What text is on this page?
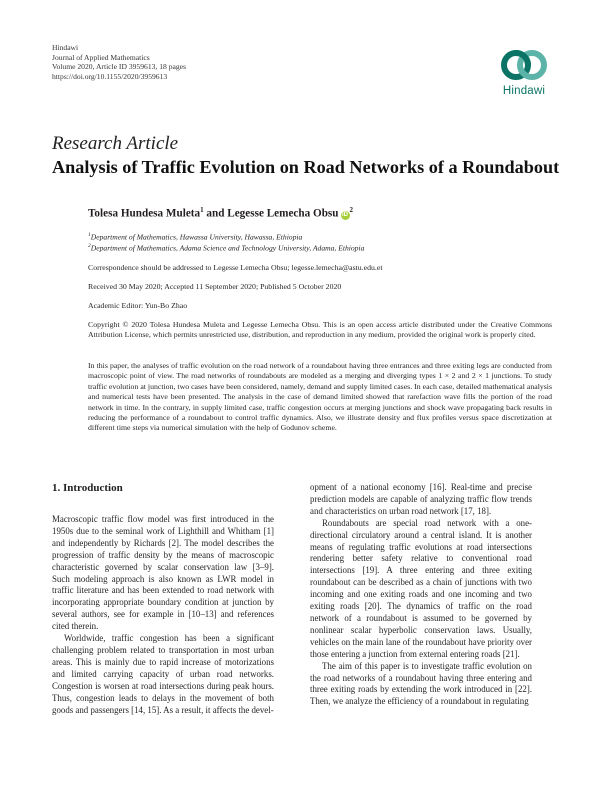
Hindawi
Journal of Applied Mathematics
Volume 2020, Article ID 3959613, 18 pages
https://doi.org/10.1155/2020/3959613
Hindawi
Research Article
Analysis of Traffic Evolution on Road Networks of a Roundabout
Tolesa Hundesa Muleta$^1$ and Legesse Lemecha Obsu $iD^2$
$^1$Department of Mathematics, Hawassa University, Hawassa, Ethiopia
$^2$Department of Mathematics, Adama Science and Technology University, Adama, Ethiopia
Correspondence should be addressed to Legesse Lemecha Obsu; legesse.lemecha@astu.edu.et
Received 30 May 2020; Accepted 11 September 2020; Published 5 October 2020
Academic Editor: Yun-Bo Zhao
Copyright © 2020 Tolesa Hundesa Muleta and Legesse Lemecha Obsu. This is an open access article distributed under the Creative Commons Attribution License, which permits unrestricted use, distribution, and reproduction in any medium, provided the original work is properly cited.
In this paper, the analyses of traffic evolution on the road network of a roundabout having three entrances and three exiting legs are conducted from macroscopic point of view. The road networks of roundabouts are modeled as a merging and diverging types 1 × 2 and 2 × 1 junctions. To study traffic evolution at junction, two cases have been considered, namely, demand and supply limited cases. In each case, detailed mathematical analysis and numerical tests have been presented. The analysis in the case of demand limited showed that rarefaction wave fills the portion of the road network in time. In the contrary, in supply limited case, traffic congestion occurs at merging junctions and shock wave propagating back results in reducing the performance of a roundabout to control traffic dynamics. Also, we illustrate density and flux profiles versus space discretization at different time steps via numerical simulation with the help of Godunov scheme.
1. Introduction

Macroscopic traffic flow model was first introduced in the 1950s due to the seminal work of Lighthill and Whitham [1] and independently by Richards [2]. The model describes the progression of traffic density by the means of macroscopic characteristic governed by scalar conservation law [3–9]. Such modeling approach is also known as LWR model in traffic literature and has been extended to road network with incorporating appropriate boundary condition at junction by several authors, see for example in [10–13] and references cited therein.

Worldwide, traffic congestion has been a significant challenging problem related to transportation in most urban areas. This is mainly due to rapid increase of motorizations and limited carrying capacity of urban road networks. Congestion is worsen at road intersections during peak hours. Thus, congestion leads to delays in the movement of both goods and passengers [14, 15]. As a result, it affects the devel-

opment of a national economy [16]. Real-time and precise prediction models are capable of analyzing traffic flow trends and characteristics on urban road network [17, 18].

Roundabouts are special road network with a one-directional circulatory around a central island. It is another means of regulating traffic evolutions at road intersections rendering better safety relative to conventional road intersections [19]. A three entering and three exiting roundabout can be described as a chain of junctions with two incoming and one exiting roads and one incoming and two exiting roads [20]. The dynamics of traffic on the road network of a roundabout is assumed to be governed by nonlinear scalar hyperbolic conservation laws. Usually, vehicles on the main lane of the roundabout have priority over those entering a junction from external entering roads [21].

The aim of this paper is to investigate traffic evolution on the road networks of a roundabout having three entering and three exiting roads by extending the work introduced in [22]. Then, we analyze the efficiency of a roundabout in regulating
